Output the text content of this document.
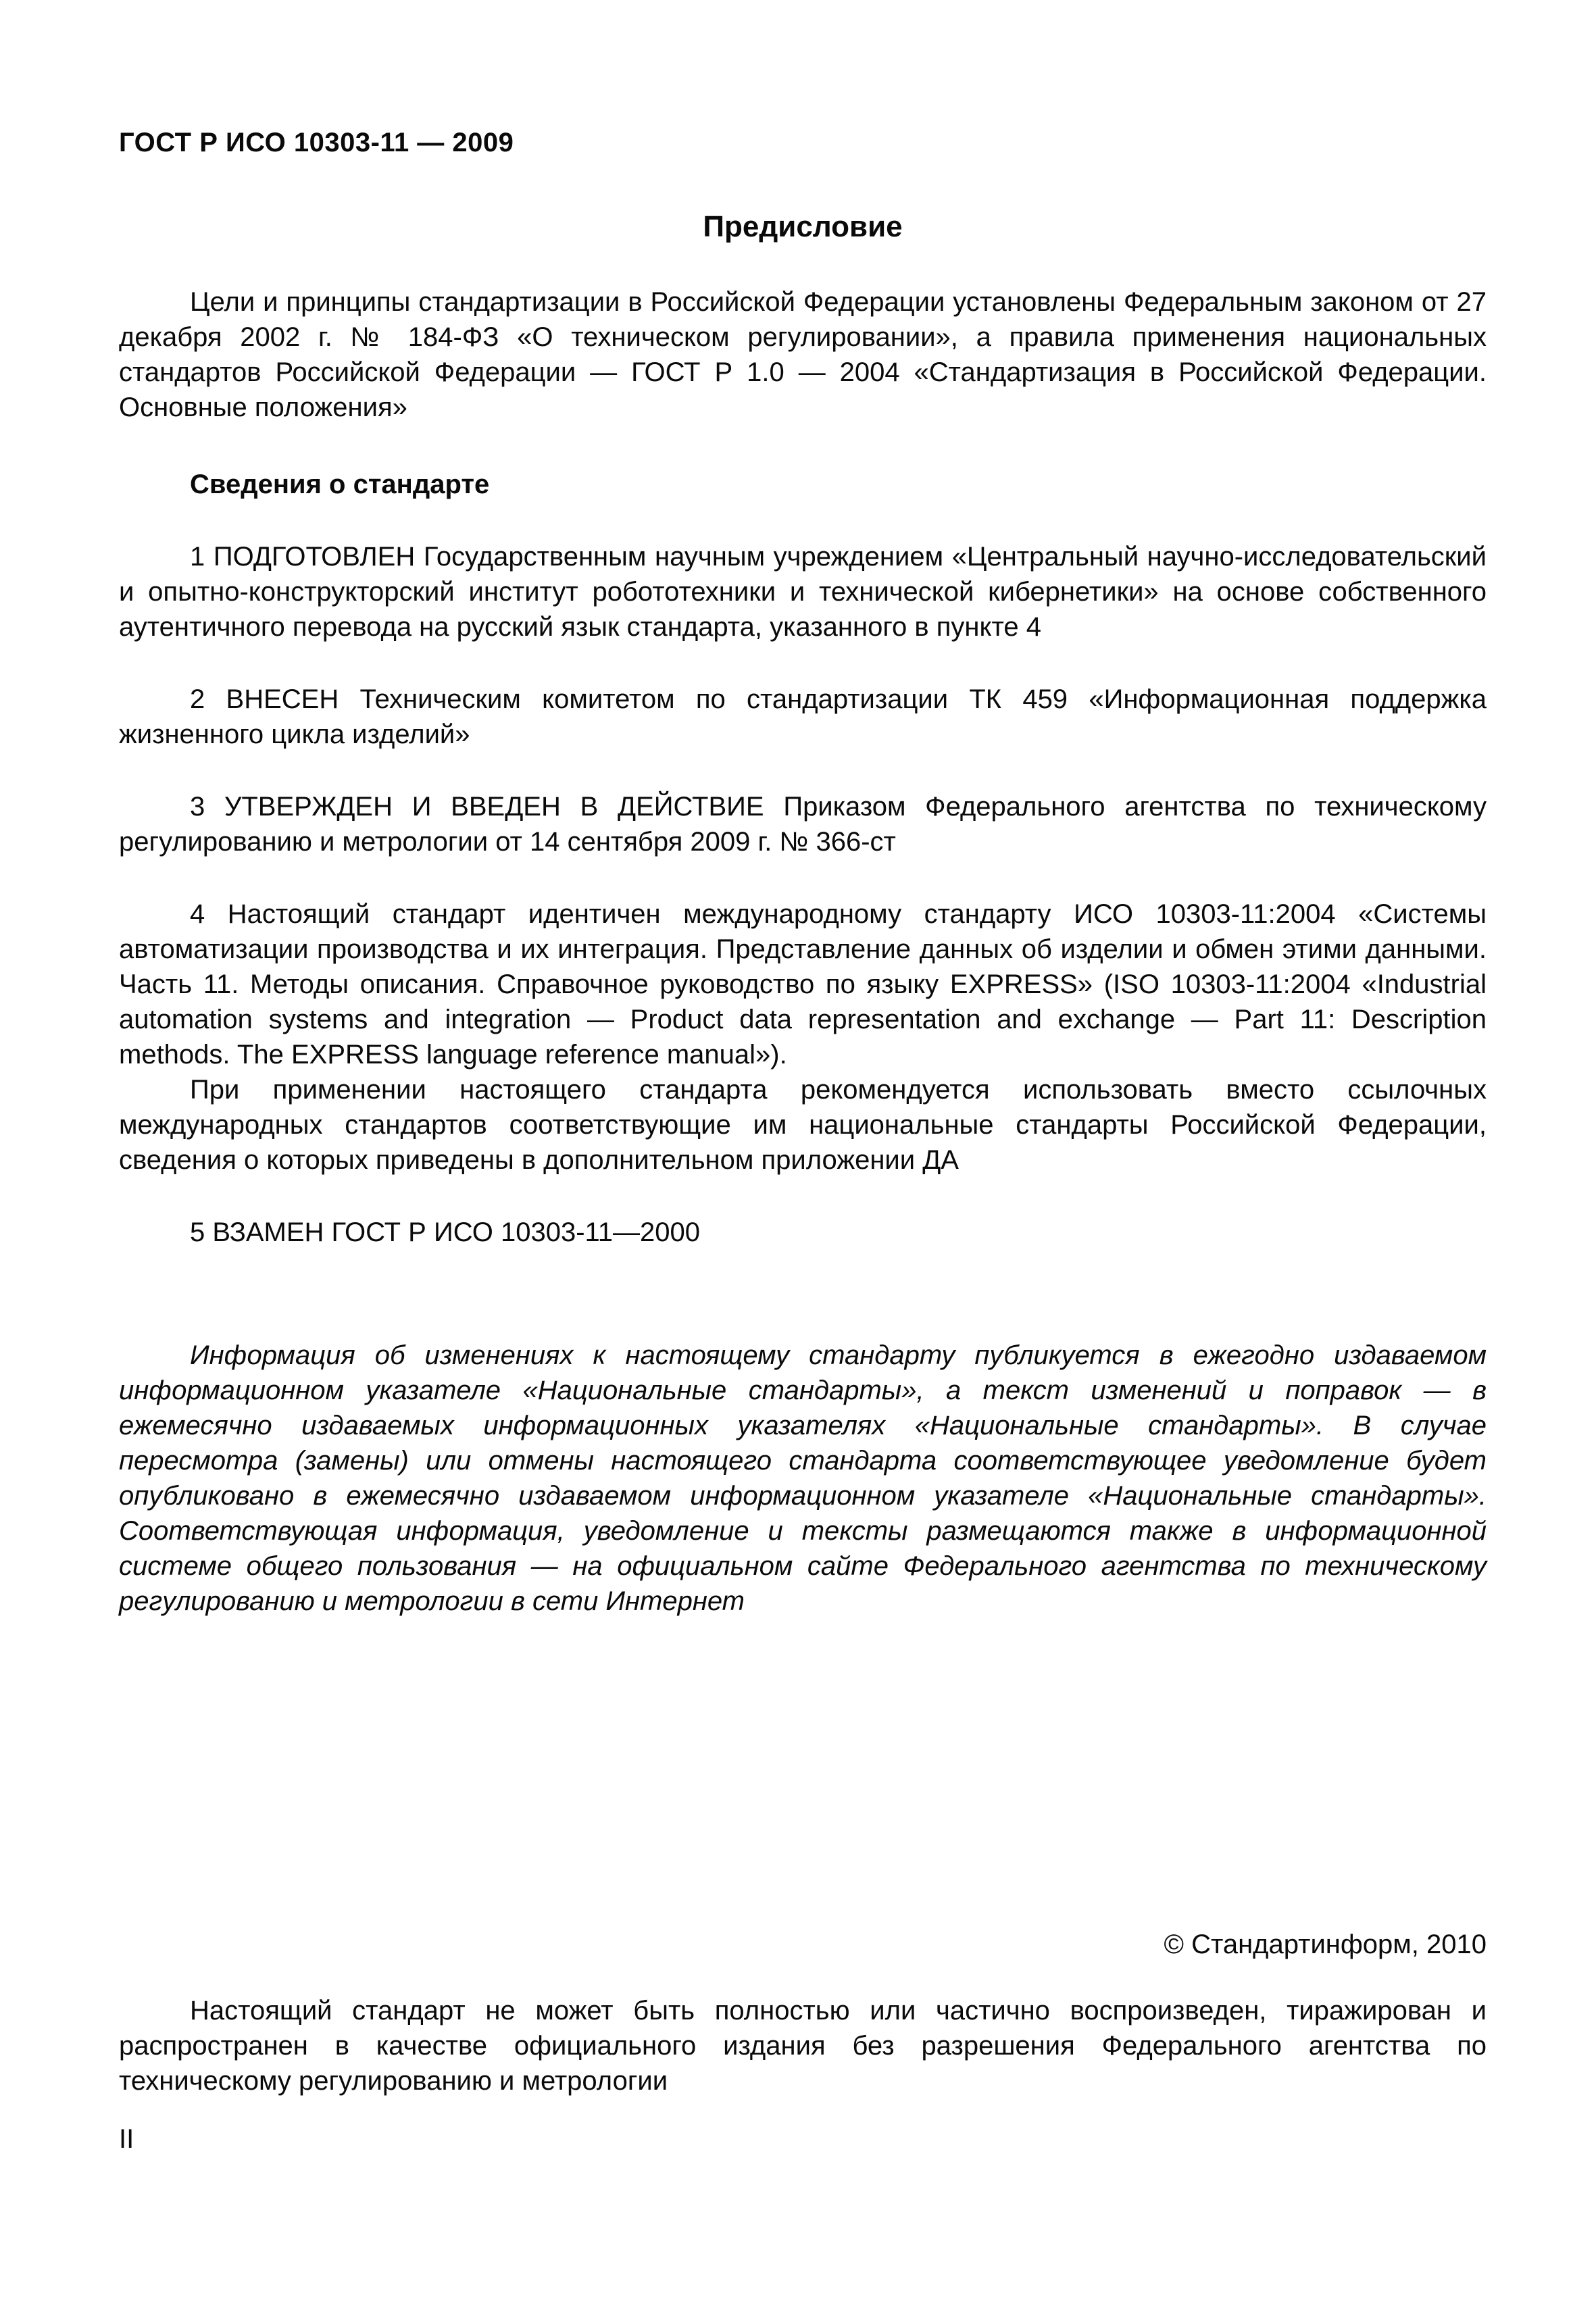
ГОСТ Р ИСО 10303-11 — 2009
Предисловие

Цели и принципы стандартизации в Российской Федерации установлены Федеральным законом от 27 декабря 2002 г. № 184-ФЗ «О техническом регулировании», а правила применения национальных стандартов Российской Федерации — ГОСТ Р 1.0 — 2004 «Стандартизация в Российской Федерации. Основные положения»

Сведения о стандарте

1 ПОДГОТОВЛЕН Государственным научным учреждением «Центральный научно-исследовательский и опытно-конструкторский институт робототехники и технической кибернетики» на основе собственного аутентичного перевода на русский язык стандарта, указанного в пункте 4

2 ВНЕСЕН Техническим комитетом по стандартизации ТК 459 «Информационная поддержка жизненного цикла изделий»

3 УТВЕРЖДЕН И ВВЕДЕН В ДЕЙСТВИЕ Приказом Федерального агентства по техническому регулированию и метрологии от 14 сентября 2009 г. № 366-ст

4 Настоящий стандарт идентичен международному стандарту ИСО 10303-11:2004 «Системы автоматизации производства и их интеграция. Представление данных об изделии и обмен этими данными. Часть 11. Методы описания. Справочное руководство по языку EXPRESS» (ISO 10303-11:2004 «Industrial automation systems and integration — Product data representation and exchange — Part 11: Description methods. The EXPRESS language reference manual»).

При применении настоящего стандарта рекомендуется использовать вместо ссылочных международных стандартов соответствующие им национальные стандарты Российской Федерации, сведения о которых приведены в дополнительном приложении ДА

5 ВЗАМЕН ГОСТ Р ИСО 10303-11—2000

Информация об изменениях к настоящему стандарту публикуется в ежегодно издаваемом информационном указателе «Национальные стандарты», а текст изменений и поправок — в ежемесячно издаваемых информационных указателях «Национальные стандарты». В случае пересмотра (замены) или отмены настоящего стандарта соответствующее уведомление будет опубликовано в ежемесячно издаваемом информационном указателе «Национальные стандарты». Соответствующая информация, уведомление и тексты размещаются также в информационной системе общего пользования — на официальном сайте Федерального агентства по техническому регулированию и метрологии в сети Интернет

© Стандартинформ, 2010

Настоящий стандарт не может быть полностью или частично воспроизведен, тиражирован и распространен в качестве официального издания без разрешения Федерального агентства по техническому регулированию и метрологии

II
